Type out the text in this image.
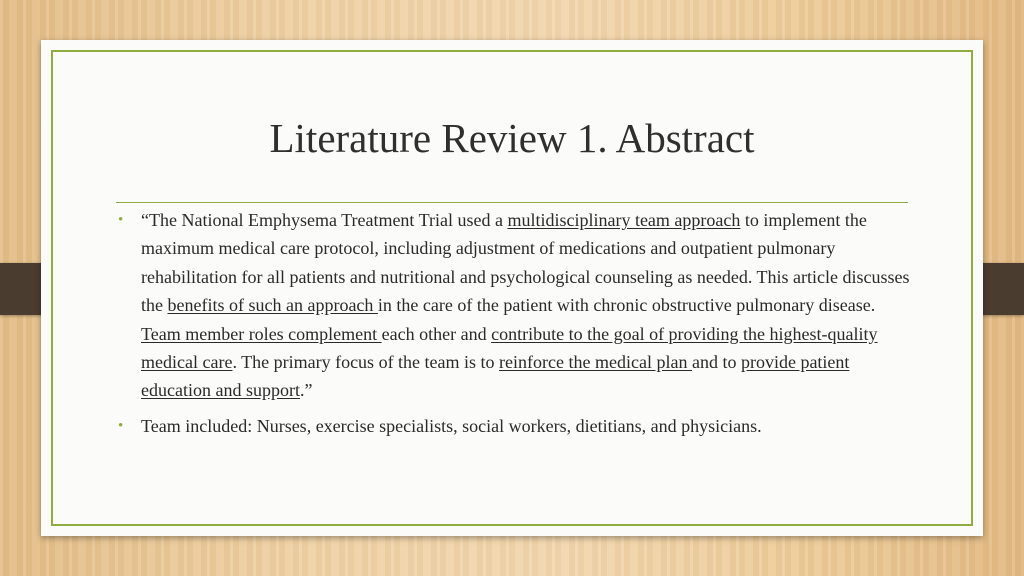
Literature Review 1. Abstract
• “The National Emphysema Treatment Trial used a multidisciplinary team approach to implement the maximum medical care protocol, including adjustment of medications and outpatient pulmonary rehabilitation for all patients and nutritional and psychological counseling as needed. This article discusses the benefits of such an approach in the care of the patient with chronic obstructive pulmonary disease. Team member roles complement each other and contribute to the goal of providing the highest-quality medical care. The primary focus of the team is to reinforce the medical plan and to provide patient education and support.”
• Team included: Nurses, exercise specialists, social workers, dietitians, and physicians.
